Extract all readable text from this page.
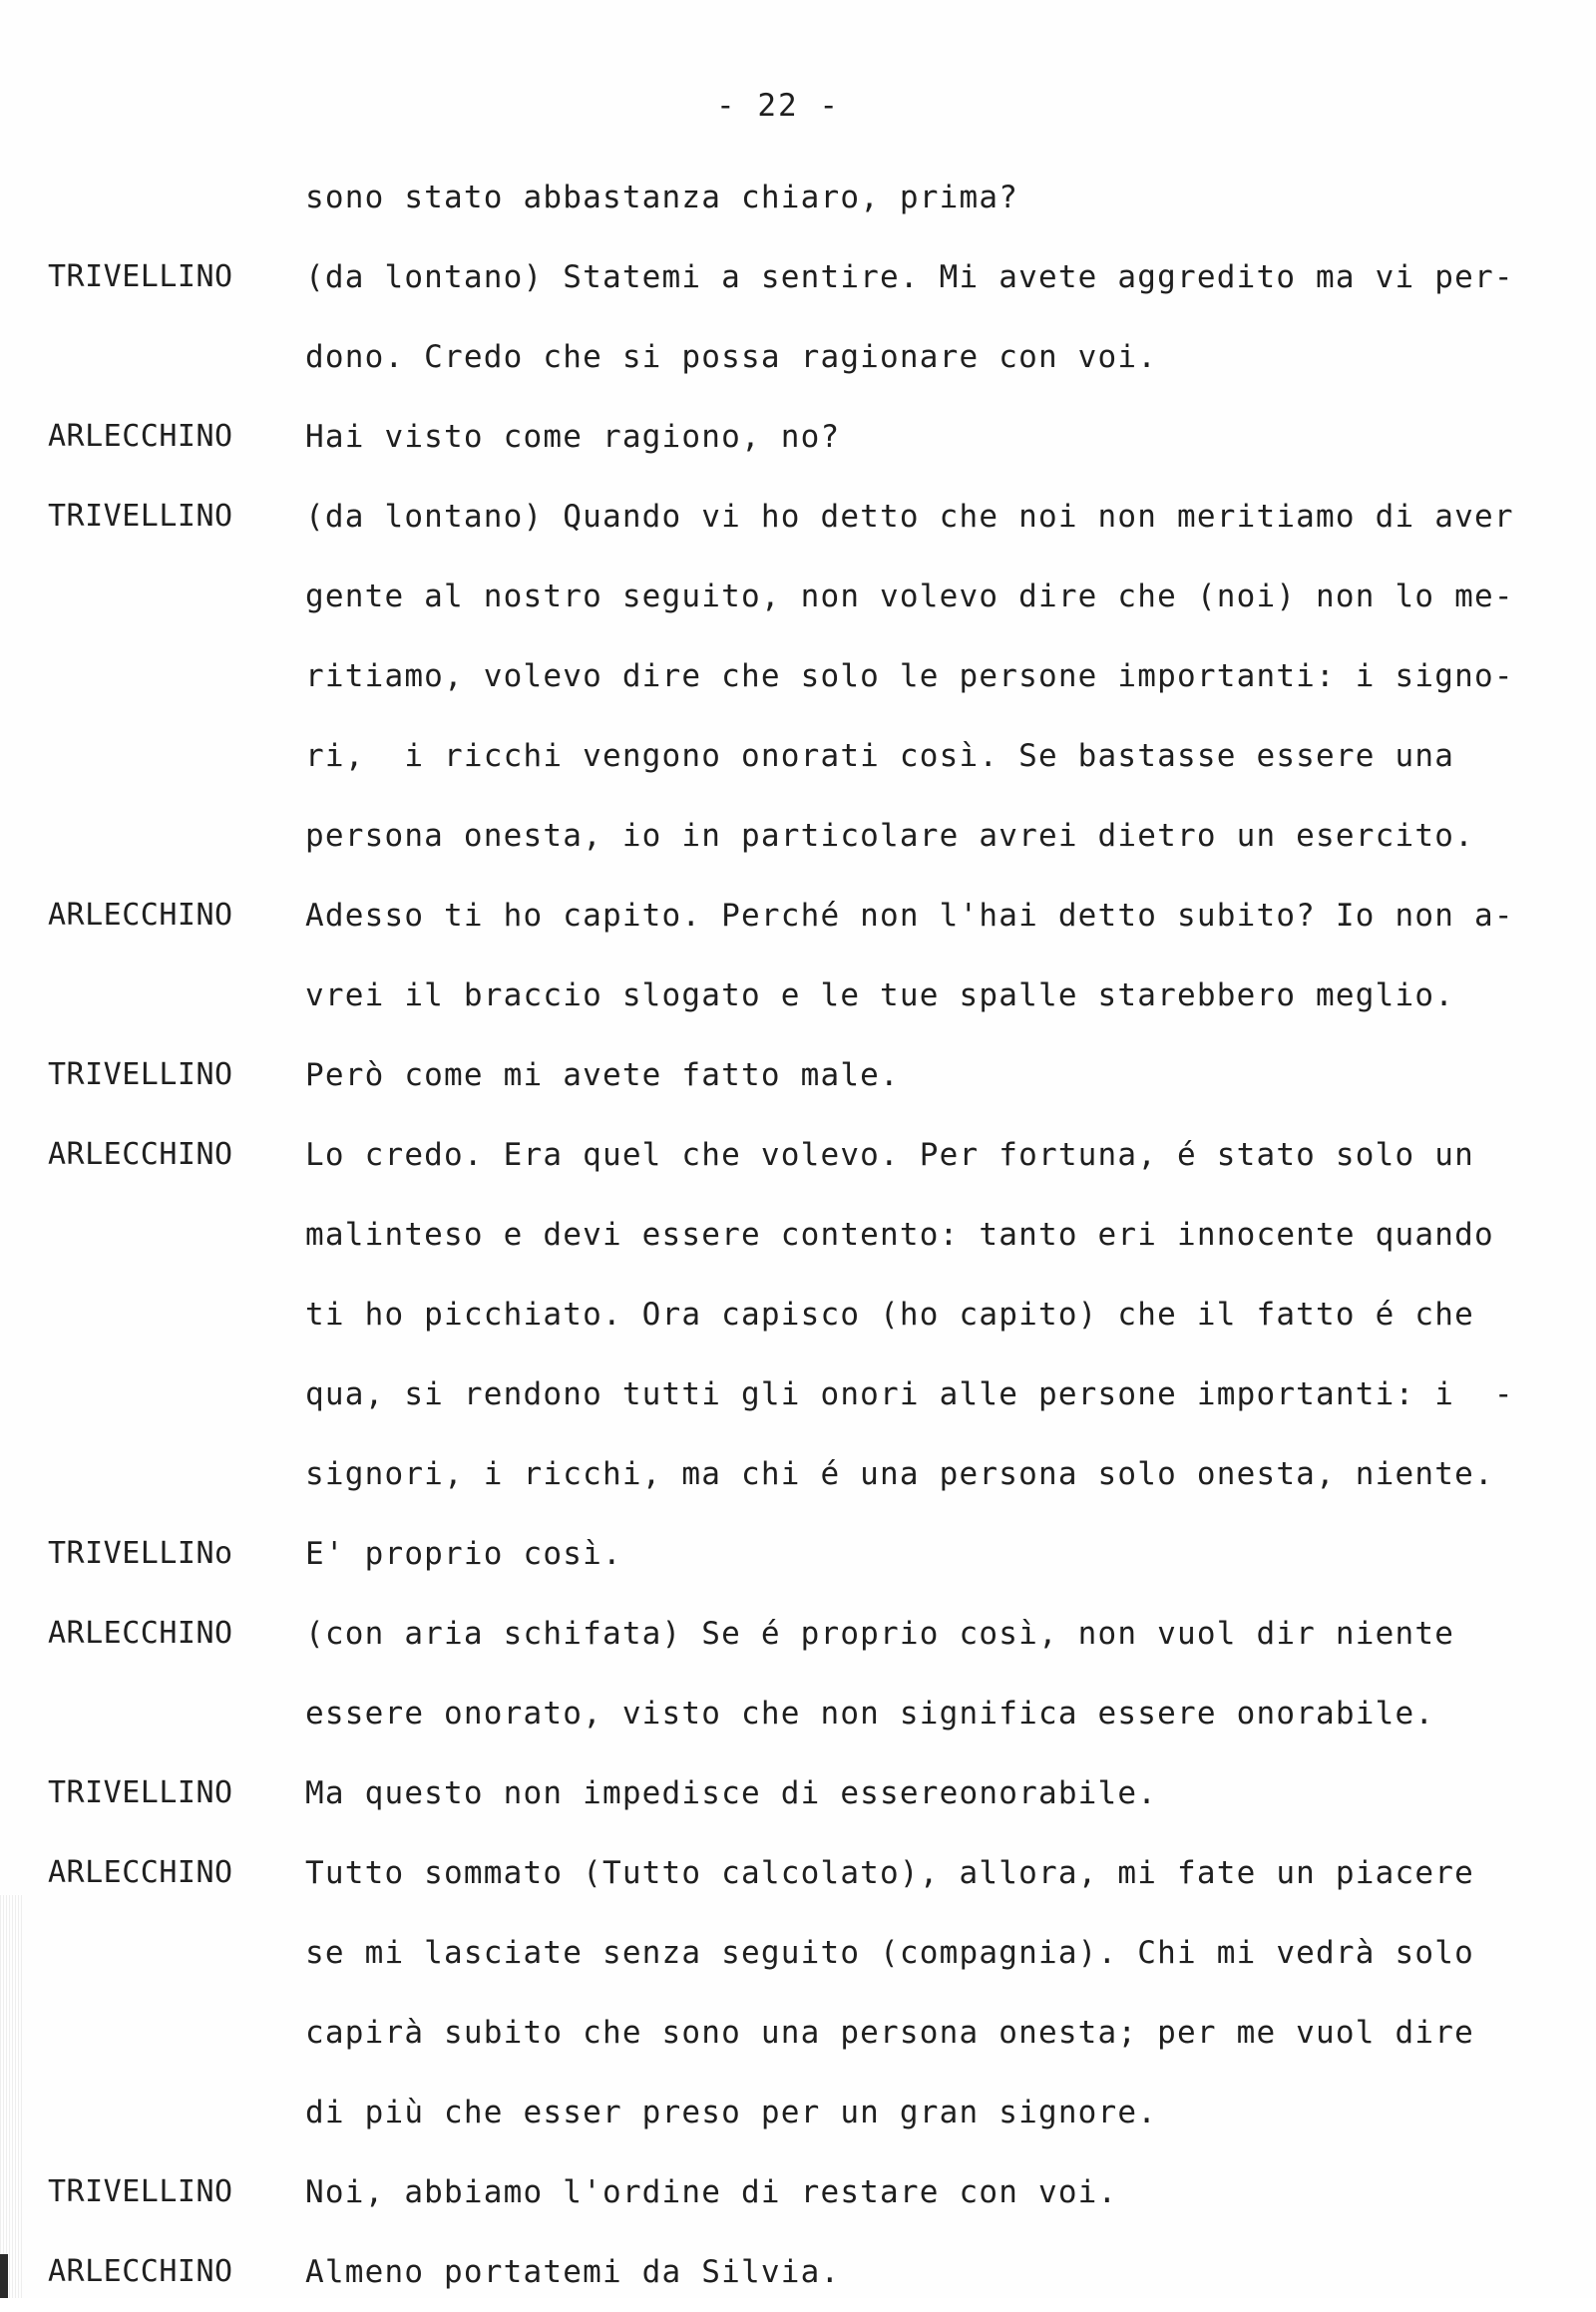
- 22 -
sono stato abbastanza chiaro, prima?
TRIVELLINO	(da lontano) Statemi a sentire. Mi avete aggredito ma vi per-
dono. Credo che si possa ragionare con voi.
ARLECCHINO	Hai visto come ragiono, no?
TRIVELLINO	(da lontano) Quando vi ho detto che noi non meritiamo di aver
gente al nostro seguito, non volevo dire che (noi) non lo me-
ritiamo, volevo dire che solo le persone importanti: i signo-
ri,  i ricchi vengono onorati così. Se bastasse essere una
persona onesta, io in particolare avrei dietro un esercito.
ARLECCHINO	Adesso ti ho capito. Perché non l'hai detto subito? Io non a-
vrei il braccio slogato e le tue spalle starebbero meglio.
TRIVELLINO	Però come mi avete fatto male.
ARLECCHINO	Lo credo. Era quel che volevo. Per fortuna, é stato solo un
malinteso e devi essere contento: tanto eri innocente quando
ti ho picchiato. Ora capisco (ho capito) che il fatto é che
qua, si rendono tutti gli onori alle persone importanti: i  -
signori, i ricchi, ma chi é una persona solo onesta, niente.
TRIVELLINo	E' proprio così.
ARLECCHINO	(con aria schifata) Se é proprio così, non vuol dir niente
essere onorato, visto che non significa essere onorabile.
TRIVELLINO	Ma questo non impedisce di essereonorabile.
ARLECCHINO	Tutto sommato (Tutto calcolato), allora, mi fate un piacere
se mi lasciate senza seguito (compagnia). Chi mi vedrà solo
capirà subito che sono una persona onesta; per me vuol dire
di più che esser preso per un gran signore.
TRIVELLINO	Noi, abbiamo l'ordine di restare con voi.
ARLECCHINO	Almeno portatemi da Silvia.
